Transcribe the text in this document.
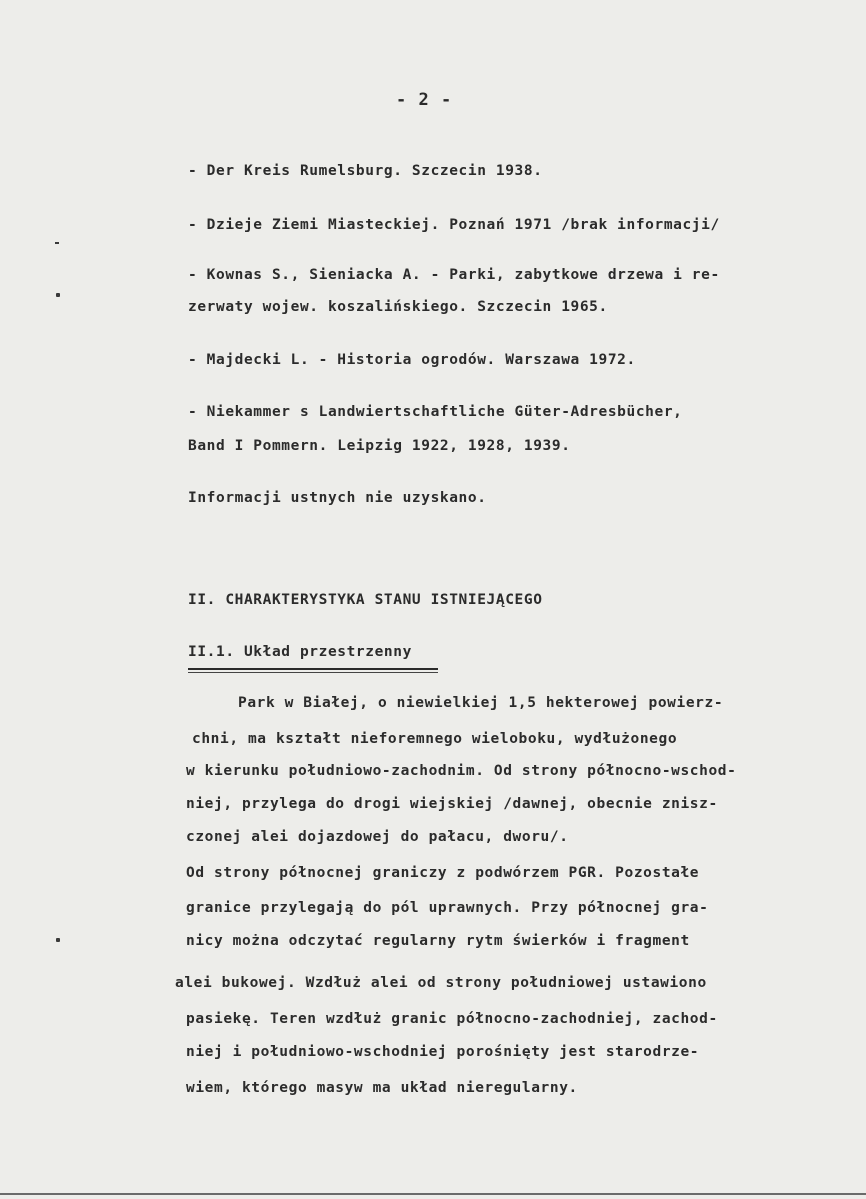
- 2 -
- Der Kreis Rumelsburg. Szczecin 1938.
- Dzieje Ziemi Miasteckiej. Poznań 1971 /brak informacji/
- Kownas S., Sieniacka A. - Parki, zabytkowe drzewa i re-
zerwaty wojew. koszalińskiego. Szczecin 1965.
- Majdecki L. - Historia ogrodów. Warszawa 1972.
- Niekammer s Landwiertschaftliche Güter-Adresbücher,
Band I Pommern. Leipzig 1922, 1928, 1939.
Informacji ustnych nie uzyskano.
II. CHARAKTERYSTYKA STANU ISTNIEJĄCEGO
II.1. Układ przestrzenny
Park w Białej, o niewielkiej 1,5 hekterowej powierz-
chni, ma kształt nieforemnego wieloboku, wydłużonego
w kierunku południowo-zachodnim. Od strony północno-wschod-
niej, przylega do drogi wiejskiej /dawnej, obecnie znisz-
czonej alei dojazdowej do pałacu, dworu/.
Od strony północnej graniczy z podwórzem PGR. Pozostałe
granice przylegają do pól uprawnych. Przy północnej gra-
nicy można odczytać regularny rytm świerków i fragment
alei bukowej. Wzdłuż alei od strony południowej ustawiono
pasiekę. Teren wzdłuż granic północno-zachodniej, zachod-
niej i południowo-wschodniej porośnięty jest starodrze-
wiem, którego masyw ma układ nieregularny.
